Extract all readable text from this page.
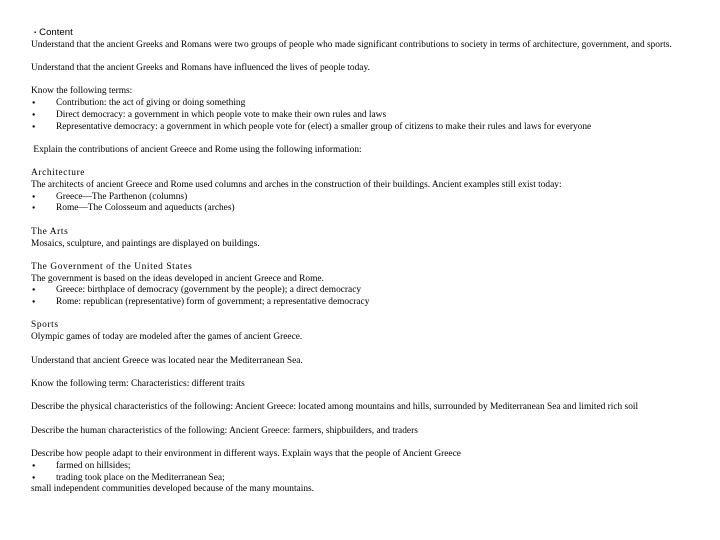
▪ Content

Understand that the ancient Greeks and Romans were two groups of people who made significant contributions to society in terms of architecture, government, and sports.

Understand that the ancient Greeks and Romans have influenced the lives of people today.

Know the following terms:

● Contribution: the act of giving or doing something

● Direct democracy: a government in which people vote to make their own rules and laws

● Representative democracy: a government in which people vote for (elect) a smaller group of citizens to make their rules and laws for everyone

Explain the contributions of ancient Greece and Rome using the following information:

Architecture

The architects of ancient Greece and Rome used columns and arches in the construction of their buildings. Ancient examples still exist today:

● Greece—The Parthenon (columns)

● Rome—The Colosseum and aqueducts (arches)

The Arts

Mosaics, sculpture, and paintings are displayed on buildings.

The Government of the United States

The government is based on the ideas developed in ancient Greece and Rome.

● Greece: birthplace of democracy (government by the people); a direct democracy

● Rome: republican (representative) form of government; a representative democracy

Sports

Olympic games of today are modeled after the games of ancient Greece.

Understand that ancient Greece was located near the Mediterranean Sea.

Know the following term: Characteristics: different traits

Describe the physical characteristics of the following: Ancient Greece: located among mountains and hills, surrounded by Mediterranean Sea and limited rich soil

Describe the human characteristics of the following: Ancient Greece: farmers, shipbuilders, and traders

Describe how people adapt to their environment in different ways. Explain ways that the people of Ancient Greece

● farmed on hillsides;

● trading took place on the Mediterranean Sea;

small independent communities developed because of the many mountains.
